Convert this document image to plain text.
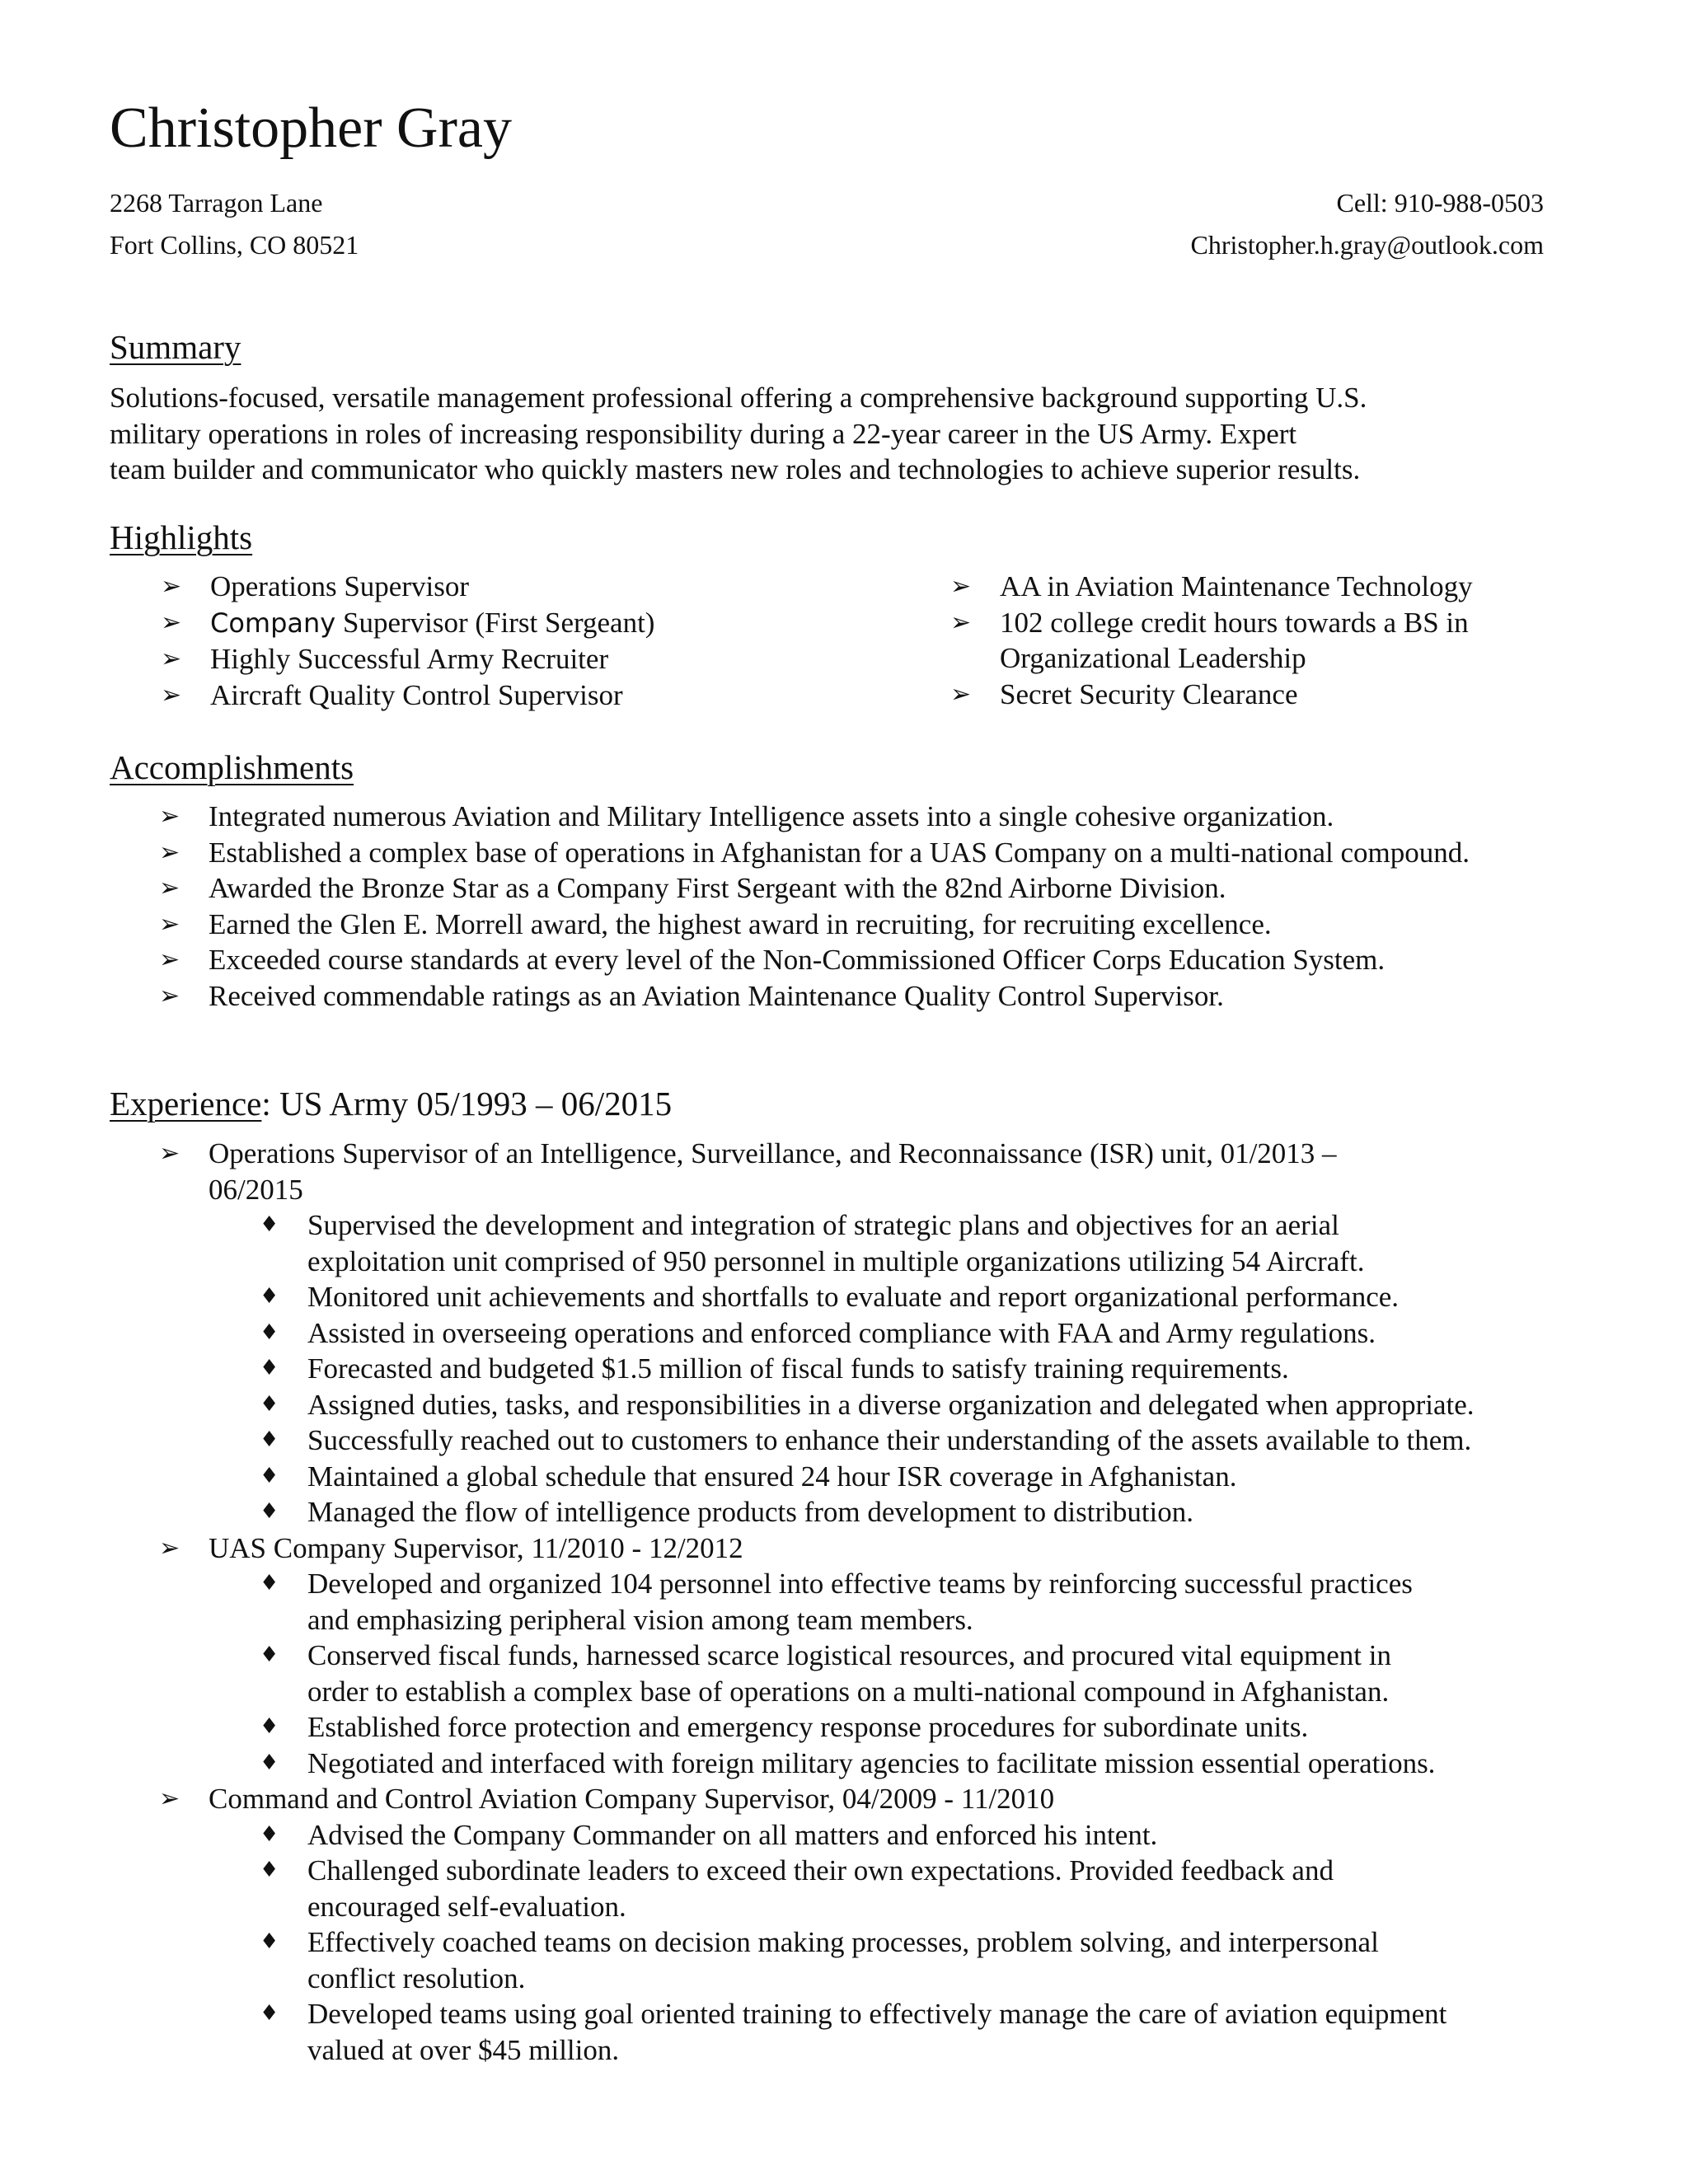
Christopher Gray
2268 Tarragon Lane	Cell: 910-988-0503
Fort Collins, CO 80521	Christopher.h.gray@outlook.com
Summary
Solutions-focused, versatile management professional offering a comprehensive background supporting U.S.
military operations in roles of increasing responsibility during a 22-year career in the US Army. Expert
team builder and communicator who quickly masters new roles and technologies to achieve superior results.
Highlights
➢ Operations Supervisor
➢ Company Supervisor (First Sergeant)
➢ Highly Successful Army Recruiter
➢ Aircraft Quality Control Supervisor
➢ AA in Aviation Maintenance Technology
➢ 102 college credit hours towards a BS in
Organizational Leadership
➢ Secret Security Clearance
Accomplishments
➢ Integrated numerous Aviation and Military Intelligence assets into a single cohesive organization.
➢ Established a complex base of operations in Afghanistan for a UAS Company on a multi-national compound.
➢ Awarded the Bronze Star as a Company First Sergeant with the 82nd Airborne Division.
➢ Earned the Glen E. Morrell award, the highest award in recruiting, for recruiting excellence.
➢ Exceeded course standards at every level of the Non-Commissioned Officer Corps Education System.
➢ Received commendable ratings as an Aviation Maintenance Quality Control Supervisor.
Experience: US Army 05/1993 – 06/2015
➢ Operations Supervisor of an Intelligence, Surveillance, and Reconnaissance (ISR) unit, 01/2013 –
06/2015
♦ Supervised the development and integration of strategic plans and objectives for an aerial
exploitation unit comprised of 950 personnel in multiple organizations utilizing 54 Aircraft.
♦ Monitored unit achievements and shortfalls to evaluate and report organizational performance.
♦ Assisted in overseeing operations and enforced compliance with FAA and Army regulations.
♦ Forecasted and budgeted $1.5 million of fiscal funds to satisfy training requirements.
♦ Assigned duties, tasks, and responsibilities in a diverse organization and delegated when appropriate.
♦ Successfully reached out to customers to enhance their understanding of the assets available to them.
♦ Maintained a global schedule that ensured 24 hour ISR coverage in Afghanistan.
♦ Managed the flow of intelligence products from development to distribution.
➢ UAS Company Supervisor, 11/2010 - 12/2012
♦ Developed and organized 104 personnel into effective teams by reinforcing successful practices
and emphasizing peripheral vision among team members.
♦ Conserved fiscal funds, harnessed scarce logistical resources, and procured vital equipment in
order to establish a complex base of operations on a multi-national compound in Afghanistan.
♦ Established force protection and emergency response procedures for subordinate units.
♦ Negotiated and interfaced with foreign military agencies to facilitate mission essential operations.
➢ Command and Control Aviation Company Supervisor, 04/2009 - 11/2010
♦ Advised the Company Commander on all matters and enforced his intent.
♦ Challenged subordinate leaders to exceed their own expectations. Provided feedback and
encouraged self-evaluation.
♦ Effectively coached teams on decision making processes, problem solving, and interpersonal
conflict resolution.
♦ Developed teams using goal oriented training to effectively manage the care of aviation equipment
valued at over $45 million.
